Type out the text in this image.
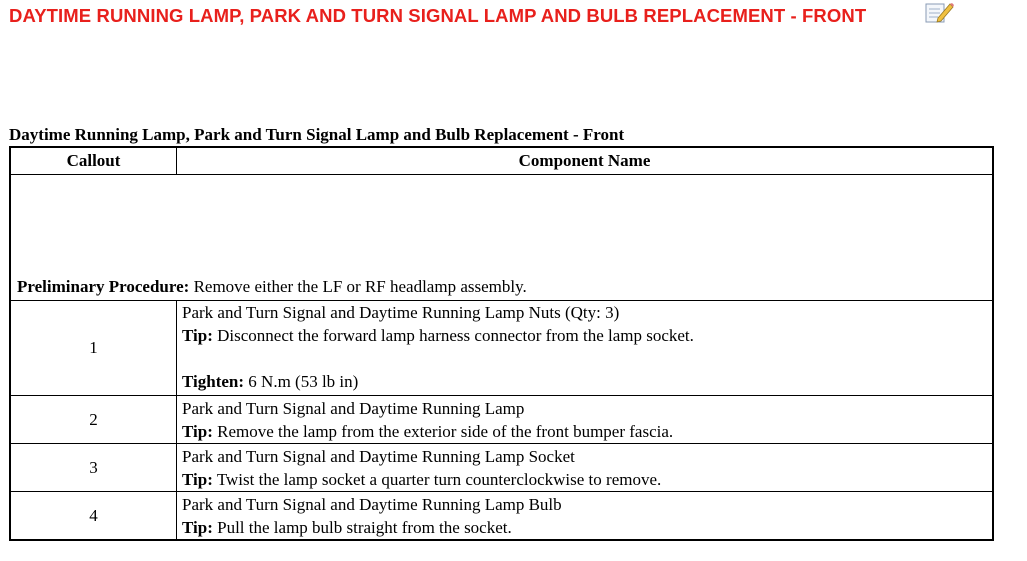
DAYTIME RUNNING LAMP, PARK AND TURN SIGNAL LAMP AND BULB REPLACEMENT - FRONT
Daytime Running Lamp, Park and Turn Signal Lamp and Bulb Replacement - Front
Callout	Component Name
Preliminary Procedure: Remove either the LF or RF headlamp assembly.	
1	Park and Turn Signal and Daytime Running Lamp Nuts (Qty: 3)
Tip: Disconnect the forward lamp harness connector from the lamp socket.
Tighten: 6 N.m (53 lb in)

2	Park and Turn Signal and Daytime Running Lamp
Tip: Remove the lamp from the exterior side of the front bumper fascia.

3	Park and Turn Signal and Daytime Running Lamp Socket
Tip: Twist the lamp socket a quarter turn counterclockwise to remove.

4	Park and Turn Signal and Daytime Running Lamp Bulb
Tip: Pull the lamp bulb straight from the socket.
